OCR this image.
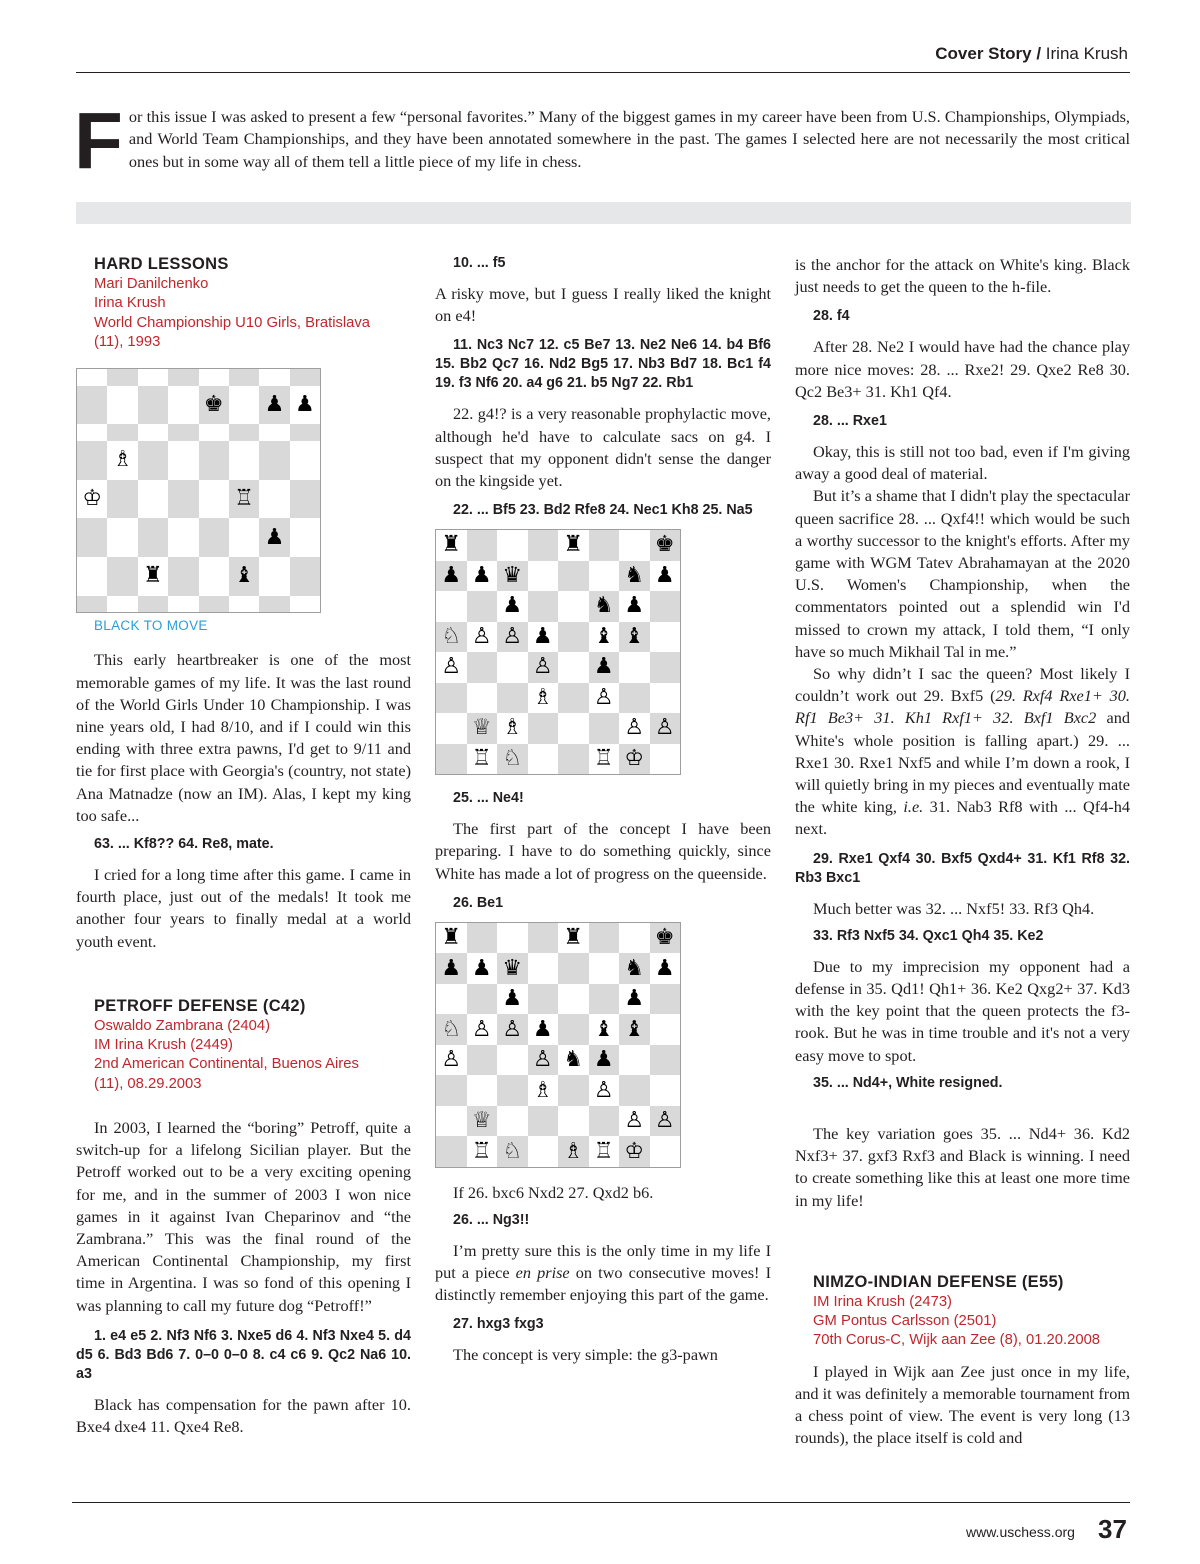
Cover Story / Irina Krush
For this issue I was asked to present a few “personal favorites.” Many of the biggest games in my career have been from U.S. Championships, Olympiads, and World Team Championships, and they have been annotated somewhere in the past. The games I selected here are not necessarily the most critical ones but in some way all of them tell a little piece of my life in chess.

HARD LESSONS

Mari Danilchenko

Irina Krush

World Championship U10 Girls, Bratislava

(11), 1993

♚ ♟ ♟
♗
♔	♖
♟
♜	♝

BLACK TO MOVE

This early heartbreaker is one of the most memorable games of my life. It was the last round of the World Girls Under 10 Championship. I was nine years old, I had 8/10, and if I could win this ending with three extra pawns, I'd get to 9/11 and tie for first place with Georgia's (country, not state) Ana Matnadze (now an IM). Alas, I kept my king too safe...

63. ... Kf8?? 64. Re8, mate.

I cried for a long time after this game. I came in fourth place, just out of the medals! It took me another four years to finally medal at a world youth event.

PETROFF DEFENSE (C42)

Oswaldo Zambrana (2404)

IM Irina Krush (2449)

2nd American Continental, Buenos Aires

(11), 08.29.2003

In 2003, I learned the “boring” Petroff, quite a switch-up for a lifelong Sicilian player. But the Petroff worked out to be a very exciting opening for me, and in the summer of 2003 I won nice games in it against Ivan Cheparinov and “the Zambrana.” This was the final round of the American Continental Championship, my first time in Argentina. I was so fond of this opening I was planning to call my future dog “Petroff!”

1. e4 e5 2. Nf3 Nf6 3. Nxe5 d6 4. Nf3 Nxe4 5. d4 d5 6. Bd3 Bd6 7. 0–0 0–0 8. c4 c6 9. Qc2 Na6 10. a3

Black has compensation for the pawn after 10. Bxe4 dxe4 11. Qxe4 Re8.

10. ... f5

A risky move, but I guess I really liked the knight on e4!

11. Nc3 Nc7 12. c5 Be7 13. Ne2 Ne6 14. b4 Bf6 15. Bb2 Qc7 16. Nd2 Bg5 17. Nb3 Bd7 18. Bc1 f4 19. f3 Nf6 20. a4 g6 21. b5 Ng7 22. Rb1

22. g4!? is a very reasonable prophylactic move, although he'd have to calculate sacs on g4. I suspect that my opponent didn't sense the danger on the kingside yet.

22. ... Bf5 23. Bd2 Rfe8 24. Nec1 Kh8 25. Na5

♜	♜	♚
♟ ♟ ♛	♞ ♟
♟	♞ ♟
♘ ♙ ♙ ♟ ♝ ♝
♙	♙ ♟
♗ ♙
♕ ♗	♙ ♙
♖ ♘	♖ ♔

25. ... Ne4!

The first part of the concept I have been preparing. I have to do something quickly, since White has made a lot of progress on the queenside.

26. Be1

♜	♜	♚
♟ ♟ ♛	♞ ♟
♟	♟
♘ ♙ ♙ ♟ ♝ ♝
♙	♙ ♞ ♟
♗ ♙
♕	♙ ♙
♖ ♘ ♗ ♖ ♔

If 26. bxc6 Nxd2 27. Qxd2 b6.

26. ... Ng3!!

I’m pretty sure this is the only time in my life I put a piece en prise on two consecutive moves! I distinctly remember enjoying this part of the game.

27. hxg3 fxg3

The concept is very simple: the g3-pawn

is the anchor for the attack on White's king. Black just needs to get the queen to the h-file.

28. f4

After 28. Ne2 I would have had the chance play more nice moves: 28. ... Rxe2! 29. Qxe2 Re8 30. Qc2 Be3+ 31. Kh1 Qf4.

28. ... Rxe1

Okay, this is still not too bad, even if I'm giving away a good deal of material.

But it’s a shame that I didn't play the spectacular queen sacrifice 28. ... Qxf4!! which would be such a worthy successor to the knight's efforts. After my game with WGM Tatev Abrahamayan at the 2020 U.S. Women's Championship, when the commentators pointed out a splendid win I'd missed to crown my attack, I told them, “I only have so much Mikhail Tal in me.”

So why didn’t I sac the queen? Most likely I couldn’t work out 29. Bxf5 (29. Rxf4 Rxe1+ 30. Rf1 Be3+ 31. Kh1 Rxf1+ 32. Bxf1 Bxc2 and White's whole position is falling apart.) 29. ... Rxe1 30. Rxe1 Nxf5 and while I’m down a rook, I will quietly bring in my pieces and eventually mate the white king, i.e. 31. Nab3 Rf8 with ... Qf4-h4 next.

29. Rxe1 Qxf4 30. Bxf5 Qxd4+ 31. Kf1 Rf8 32. Rb3 Bxc1

Much better was 32. ... Nxf5! 33. Rf3 Qh4.

33. Rf3 Nxf5 34. Qxc1 Qh4 35. Ke2

Due to my imprecision my opponent had a defense in 35. Qd1! Qh1+ 36. Ke2 Qxg2+ 37. Kd3 with the key point that the queen protects the f3-rook. But he was in time trouble and it's not a very easy move to spot.

35. ... Nd4+, White resigned.

The key variation goes 35. ... Nd4+ 36. Kd2 Nxf3+ 37. gxf3 Rxf3 and Black is winning. I need to create something like this at least one more time in my life!

NIMZO-INDIAN DEFENSE (E55)

IM Irina Krush (2473)

GM Pontus Carlsson (2501)

70th Corus-C, Wijk aan Zee (8), 01.20.2008

I played in Wijk aan Zee just once in my life, and it was definitely a memorable tournament from a chess point of view. The event is very long (13 rounds), the place itself is cold and

www.uschess.org 37
